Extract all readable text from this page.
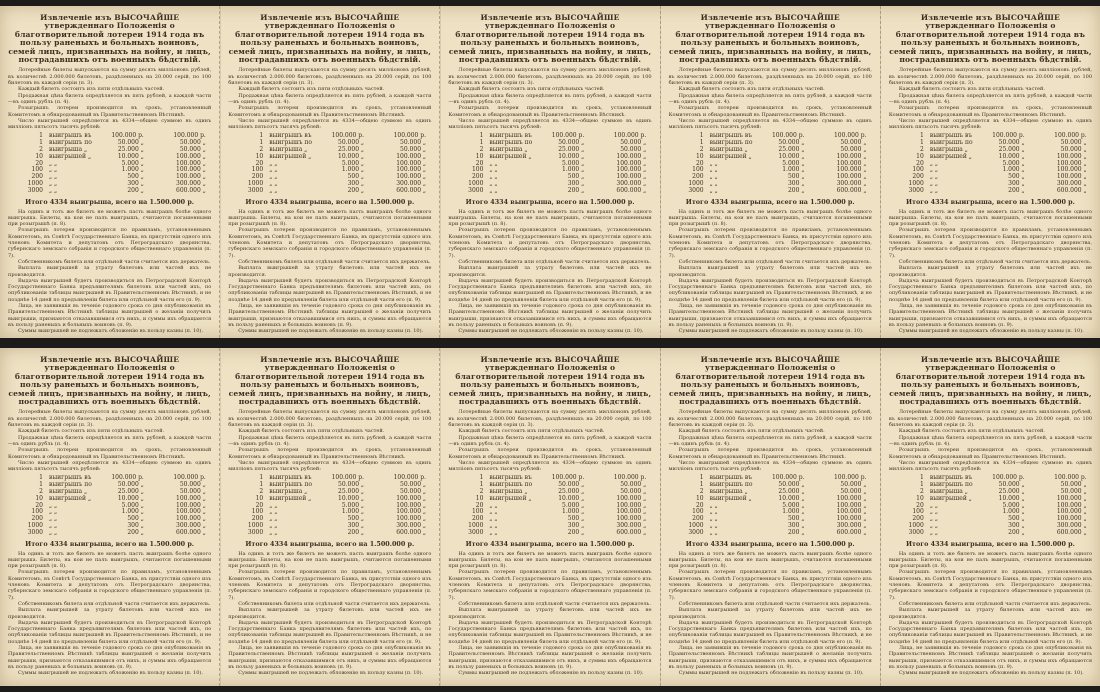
Извлеченіе изъ ВЫСОЧАЙШЕ утвержденнаго Положенія о благотворительной лотереи 1914 года въ пользу раненыхъ и больныхъ воиновъ, семей лицъ, призванныхъ на войну, и лицъ, пострадавшихъ отъ военныхъ бѣдствій.

Лотерейные билеты выпускаются на сумму десять милліоновъ рублей, въ количествѣ 2.000.000 билетовъ, раздѣленныхъ на 20.000 серій, по 100 билетовъ въ каждой серіи (п. 3).

Каждый билетъ состоитъ изъ пяти отдѣльныхъ частей.

Продажная цѣна билета опредѣляется въ пять рублей, а каждой части—въ одинъ рубль (п. 4).

Розыгрышъ лотереи производится въ срокъ, установленный Комитетомъ и обнародованный въ Правительственномъ Вѣстникѣ.

Число выигрышей опредѣляется въ 4334—общею суммою въ одинъ милліонъ пятьсотъ тысячъ рублей:

1	выигрышъ въ	100.000 р.	100.000 р.
1	выигрышъ по	50.000 „	50.000 „
2	выигрыша „	25.000 „	50.000 „
10	выигрышей „	10.000 „	100.000 „
20	„ „	5.000 „	100.000 „
100	„ „	1.000 „	100.000 „
200	„ „	500 „	100.000 „
1000	„ „	300 „	300.000 „
3000	„ „	200 „	600.000 „
Итого 4334 выигрыша, всего на 1.500.000 р.

На одинъ и тотъ же билетъ не можетъ пасть выиграшъ болѣе одного выигрыша. Билеты, на кои не палъ выигрышъ, считаются погашенными при розыгрышѣ (п. 8).

Розыгрышъ лотереи производится по правиламъ, установленнымъ Комитетомъ, въ Совѣтѣ Государственнаго Банка, въ присутствіи одного изъ членовъ Комитета и депутатовъ отъ Петроградскаго дворянства, губернскаго земскаго собранія и городского общественнаго управленія (п. 7).

Собственникомъ билета или отдѣльной части считается ихъ держатель.

Выплата выигрышей за утрату билетовъ или частей ихъ не производится.

Выдача выигрышей будетъ производиться въ Петроградской Конторѣ Государственнаго Банка предъявителямъ билетовъ или частей ихъ, по опубликованіи таблицы выигрышей въ Правительственномъ Вѣстникѣ, и не позднѣе 14 дней по предъявленіи билета или отдѣльной части его (п. 9).

Лица, не заявившія въ теченіе годового срока со дня опубликованія въ Правительственномъ Вѣстникѣ таблицы выигрышей о желаніи получить выигрыши, признаются отказавшимися отъ нихъ, и суммы ихъ обращаются въ пользу раненыхъ и больныхъ воиновъ (п. 9).

Суммы выигрышей не подлежатъ обложенію въ пользу казны (п. 10).

Извлеченіе изъ ВЫСОЧАЙШЕ утвержденнаго Положенія о благотворительной лотереи 1914 года въ пользу раненыхъ и больныхъ воиновъ, семей лицъ, призванныхъ на войну, и лицъ, пострадавшихъ отъ военныхъ бѣдствій.

Лотерейные билеты выпускаются на сумму десять милліоновъ рублей, въ количествѣ 2.000.000 билетовъ, раздѣленныхъ на 20.000 серій, по 100 билетовъ въ каждой серіи (п. 3).

Каждый билетъ состоитъ изъ пяти отдѣльныхъ частей.

Продажная цѣна билета опредѣляется въ пять рублей, а каждой части—въ одинъ рубль (п. 4).

Розыгрышъ лотереи производится въ срокъ, установленный Комитетомъ и обнародованный въ Правительственномъ Вѣстникѣ.

Число выигрышей опредѣляется въ 4334—общею суммою въ одинъ милліонъ пятьсотъ тысячъ рублей:

1	выигрышъ въ	100.000 р.	100.000 р.
1	выигрышъ по	50.000 „	50.000 „
2	выигрыша „	25.000 „	50.000 „
10	выигрышей „	10.000 „	100.000 „
20	„ „	5.000 „	100.000 „
100	„ „	1.000 „	100.000 „
200	„ „	500 „	100.000 „
1000	„ „	300 „	300.000 „
3000	„ „	200 „	600.000 „
Итого 4334 выигрыша, всего на 1.500.000 р.

На одинъ и тотъ же билетъ не можетъ пасть выиграшъ болѣе одного выигрыша. Билеты, на кои не палъ выигрышъ, считаются погашенными при розыгрышѣ (п. 8).

Розыгрышъ лотереи производится по правиламъ, установленнымъ Комитетомъ, въ Совѣтѣ Государственнаго Банка, въ присутствіи одного изъ членовъ Комитета и депутатовъ отъ Петроградскаго дворянства, губернскаго земскаго собранія и городского общественнаго управленія (п. 7).

Собственникомъ билета или отдѣльной части считается ихъ держатель.

Выплата выигрышей за утрату билетовъ или частей ихъ не производится.

Выдача выигрышей будетъ производиться въ Петроградской Конторѣ Государственнаго Банка предъявителямъ билетовъ или частей ихъ, по опубликованіи таблицы выигрышей въ Правительственномъ Вѣстникѣ, и не позднѣе 14 дней по предъявленіи билета или отдѣльной части его (п. 9).

Лица, не заявившія въ теченіе годового срока со дня опубликованія въ Правительственномъ Вѣстникѣ таблицы выигрышей о желаніи получить выигрыши, признаются отказавшимися отъ нихъ, и суммы ихъ обращаются въ пользу раненыхъ и больныхъ воиновъ (п. 9).

Суммы выигрышей не подлежатъ обложенію въ пользу казны (п. 10).

Извлеченіе изъ ВЫСОЧАЙШЕ утвержденнаго Положенія о благотворительной лотереи 1914 года въ пользу раненыхъ и больныхъ воиновъ, семей лицъ, призванныхъ на войну, и лицъ, пострадавшихъ отъ военныхъ бѣдствій.

Лотерейные билеты выпускаются на сумму десять милліоновъ рублей, въ количествѣ 2.000.000 билетовъ, раздѣленныхъ на 20.000 серій, по 100 билетовъ въ каждой серіи (п. 3).

Каждый билетъ состоитъ изъ пяти отдѣльныхъ частей.

Продажная цѣна билета опредѣляется въ пять рублей, а каждой части—въ одинъ рубль (п. 4).

Розыгрышъ лотереи производится въ срокъ, установленный Комитетомъ и обнародованный въ Правительственномъ Вѣстникѣ.

Число выигрышей опредѣляется въ 4334—общею суммою въ одинъ милліонъ пятьсотъ тысячъ рублей:

1	выигрышъ въ	100.000 р.	100.000 р.
1	выигрышъ по	50.000 „	50.000 „
2	выигрыша „	25.000 „	50.000 „
10	выигрышей „	10.000 „	100.000 „
20	„ „	5.000 „	100.000 „
100	„ „	1.000 „	100.000 „
200	„ „	500 „	100.000 „
1000	„ „	300 „	300.000 „
3000	„ „	200 „	600.000 „
Итого 4334 выигрыша, всего на 1.500.000 р.

На одинъ и тотъ же билетъ не можетъ пасть выиграшъ болѣе одного выигрыша. Билеты, на кои не палъ выигрышъ, считаются погашенными при розыгрышѣ (п. 8).

Розыгрышъ лотереи производится по правиламъ, установленнымъ Комитетомъ, въ Совѣтѣ Государственнаго Банка, въ присутствіи одного изъ членовъ Комитета и депутатовъ отъ Петроградскаго дворянства, губернскаго земскаго собранія и городского общественнаго управленія (п. 7).

Собственникомъ билета или отдѣльной части считается ихъ держатель.

Выплата выигрышей за утрату билетовъ или частей ихъ не производится.

Выдача выигрышей будетъ производиться въ Петроградской Конторѣ Государственнаго Банка предъявителямъ билетовъ или частей ихъ, по опубликованіи таблицы выигрышей въ Правительственномъ Вѣстникѣ, и не позднѣе 14 дней по предъявленіи билета или отдѣльной части его (п. 9).

Лица, не заявившія въ теченіе годового срока со дня опубликованія въ Правительственномъ Вѣстникѣ таблицы выигрышей о желаніи получить выигрыши, признаются отказавшимися отъ нихъ, и суммы ихъ обращаются въ пользу раненыхъ и больныхъ воиновъ (п. 9).

Суммы выигрышей не подлежатъ обложенію въ пользу казны (п. 10).

Извлеченіе изъ ВЫСОЧАЙШЕ утвержденнаго Положенія о благотворительной лотереи 1914 года въ пользу раненыхъ и больныхъ воиновъ, семей лицъ, призванныхъ на войну, и лицъ, пострадавшихъ отъ военныхъ бѣдствій.

Лотерейные билеты выпускаются на сумму десять милліоновъ рублей, въ количествѣ 2.000.000 билетовъ, раздѣленныхъ на 20.000 серій, по 100 билетовъ въ каждой серіи (п. 3).

Каждый билетъ состоитъ изъ пяти отдѣльныхъ частей.

Продажная цѣна билета опредѣляется въ пять рублей, а каждой части—въ одинъ рубль (п. 4).

Розыгрышъ лотереи производится въ срокъ, установленный Комитетомъ и обнародованный въ Правительственномъ Вѣстникѣ.

Число выигрышей опредѣляется въ 4334—общею суммою въ одинъ милліонъ пятьсотъ тысячъ рублей:

1	выигрышъ въ	100.000 р.	100.000 р.
1	выигрышъ по	50.000 „	50.000 „
2	выигрыша „	25.000 „	50.000 „
10	выигрышей „	10.000 „	100.000 „
20	„ „	5.000 „	100.000 „
100	„ „	1.000 „	100.000 „
200	„ „	500 „	100.000 „
1000	„ „	300 „	300.000 „
3000	„ „	200 „	600.000 „
Итого 4334 выигрыша, всего на 1.500.000 р.

На одинъ и тотъ же билетъ не можетъ пасть выиграшъ болѣе одного выигрыша. Билеты, на кои не палъ выигрышъ, считаются погашенными при розыгрышѣ (п. 8).

Розыгрышъ лотереи производится по правиламъ, установленнымъ Комитетомъ, въ Совѣтѣ Государственнаго Банка, въ присутствіи одного изъ членовъ Комитета и депутатовъ отъ Петроградскаго дворянства, губернскаго земскаго собранія и городского общественнаго управленія (п. 7).

Собственникомъ билета или отдѣльной части считается ихъ держатель.

Выплата выигрышей за утрату билетовъ или частей ихъ не производится.

Выдача выигрышей будетъ производиться въ Петроградской Конторѣ Государственнаго Банка предъявителямъ билетовъ или частей ихъ, по опубликованіи таблицы выигрышей въ Правительственномъ Вѣстникѣ, и не позднѣе 14 дней по предъявленіи билета или отдѣльной части его (п. 9).

Лица, не заявившія въ теченіе годового срока со дня опубликованія въ Правительственномъ Вѣстникѣ таблицы выигрышей о желаніи получить выигрыши, признаются отказавшимися отъ нихъ, и суммы ихъ обращаются въ пользу раненыхъ и больныхъ воиновъ (п. 9).

Суммы выигрышей не подлежатъ обложенію въ пользу казны (п. 10).

Извлеченіе изъ ВЫСОЧАЙШЕ утвержденнаго Положенія о благотворительной лотереи 1914 года въ пользу раненыхъ и больныхъ воиновъ, семей лицъ, призванныхъ на войну, и лицъ, пострадавшихъ отъ военныхъ бѣдствій.

Лотерейные билеты выпускаются на сумму десять милліоновъ рублей, въ количествѣ 2.000.000 билетовъ, раздѣленныхъ на 20.000 серій, по 100 билетовъ въ каждой серіи (п. 3).

Каждый билетъ состоитъ изъ пяти отдѣльныхъ частей.

Продажная цѣна билета опредѣляется въ пять рублей, а каждой части—въ одинъ рубль (п. 4).

Розыгрышъ лотереи производится въ срокъ, установленный Комитетомъ и обнародованный въ Правительственномъ Вѣстникѣ.

Число выигрышей опредѣляется въ 4334—общею суммою въ одинъ милліонъ пятьсотъ тысячъ рублей:

1	выигрышъ въ	100.000 р.	100.000 р.
1	выигрышъ по	50.000 „	50.000 „
2	выигрыша „	25.000 „	50.000 „
10	выигрышей „	10.000 „	100.000 „
20	„ „	5.000 „	100.000 „
100	„ „	1.000 „	100.000 „
200	„ „	500 „	100.000 „
1000	„ „	300 „	300.000 „
3000	„ „	200 „	600.000 „
Итого 4334 выигрыша, всего на 1.500.000 р.

На одинъ и тотъ же билетъ не можетъ пасть выиграшъ болѣе одного выигрыша. Билеты, на кои не палъ выигрышъ, считаются погашенными при розыгрышѣ (п. 8).

Розыгрышъ лотереи производится по правиламъ, установленнымъ Комитетомъ, въ Совѣтѣ Государственнаго Банка, въ присутствіи одного изъ членовъ Комитета и депутатовъ отъ Петроградскаго дворянства, губернскаго земскаго собранія и городского общественнаго управленія (п. 7).

Собственникомъ билета или отдѣльной части считается ихъ держатель.

Выплата выигрышей за утрату билетовъ или частей ихъ не производится.

Выдача выигрышей будетъ производиться въ Петроградской Конторѣ Государственнаго Банка предъявителямъ билетовъ или частей ихъ, по опубликованіи таблицы выигрышей въ Правительственномъ Вѣстникѣ, и не позднѣе 14 дней по предъявленіи билета или отдѣльной части его (п. 9).

Лица, не заявившія въ теченіе годового срока со дня опубликованія въ Правительственномъ Вѣстникѣ таблицы выигрышей о желаніи получить выигрыши, признаются отказавшимися отъ нихъ, и суммы ихъ обращаются въ пользу раненыхъ и больныхъ воиновъ (п. 9).

Суммы выигрышей не подлежатъ обложенію въ пользу казны (п. 10).

Извлеченіе изъ ВЫСОЧАЙШЕ утвержденнаго Положенія о благотворительной лотереи 1914 года въ пользу раненыхъ и больныхъ воиновъ, семей лицъ, призванныхъ на войну, и лицъ, пострадавшихъ отъ военныхъ бѣдствій.

Лотерейные билеты выпускаются на сумму десять милліоновъ рублей, въ количествѣ 2.000.000 билетовъ, раздѣленныхъ на 20.000 серій, по 100 билетовъ въ каждой серіи (п. 3).

Каждый билетъ состоитъ изъ пяти отдѣльныхъ частей.

Продажная цѣна билета опредѣляется въ пять рублей, а каждой части—въ одинъ рубль (п. 4).

Розыгрышъ лотереи производится въ срокъ, установленный Комитетомъ и обнародованный въ Правительственномъ Вѣстникѣ.

Число выигрышей опредѣляется въ 4334—общею суммою въ одинъ милліонъ пятьсотъ тысячъ рублей:

1	выигрышъ въ	100.000 р.	100.000 р.
1	выигрышъ по	50.000 „	50.000 „
2	выигрыша „	25.000 „	50.000 „
10	выигрышей „	10.000 „	100.000 „
20	„ „	5.000 „	100.000 „
100	„ „	1.000 „	100.000 „
200	„ „	500 „	100.000 „
1000	„ „	300 „	300.000 „
3000	„ „	200 „	600.000 „
Итого 4334 выигрыша, всего на 1.500.000 р.

На одинъ и тотъ же билетъ не можетъ пасть выиграшъ болѣе одного выигрыша. Билеты, на кои не палъ выигрышъ, считаются погашенными при розыгрышѣ (п. 8).

Розыгрышъ лотереи производится по правиламъ, установленнымъ Комитетомъ, въ Совѣтѣ Государственнаго Банка, въ присутствіи одного изъ членовъ Комитета и депутатовъ отъ Петроградскаго дворянства, губернскаго земскаго собранія и городского общественнаго управленія (п. 7).

Собственникомъ билета или отдѣльной части считается ихъ держатель.

Выплата выигрышей за утрату билетовъ или частей ихъ не производится.

Выдача выигрышей будетъ производиться въ Петроградской Конторѣ Государственнаго Банка предъявителямъ билетовъ или частей ихъ, по опубликованіи таблицы выигрышей въ Правительственномъ Вѣстникѣ, и не позднѣе 14 дней по предъявленіи билета или отдѣльной части его (п. 9).

Лица, не заявившія въ теченіе годового срока со дня опубликованія въ Правительственномъ Вѣстникѣ таблицы выигрышей о желаніи получить выигрыши, признаются отказавшимися отъ нихъ, и суммы ихъ обращаются въ пользу раненыхъ и больныхъ воиновъ (п. 9).

Суммы выигрышей не подлежатъ обложенію въ пользу казны (п. 10).

Извлеченіе изъ ВЫСОЧАЙШЕ утвержденнаго Положенія о благотворительной лотереи 1914 года въ пользу раненыхъ и больныхъ воиновъ, семей лицъ, призванныхъ на войну, и лицъ, пострадавшихъ отъ военныхъ бѣдствій.

Лотерейные билеты выпускаются на сумму десять милліоновъ рублей, въ количествѣ 2.000.000 билетовъ, раздѣленныхъ на 20.000 серій, по 100 билетовъ въ каждой серіи (п. 3).

Каждый билетъ состоитъ изъ пяти отдѣльныхъ частей.

Продажная цѣна билета опредѣляется въ пять рублей, а каждой части—въ одинъ рубль (п. 4).

Розыгрышъ лотереи производится въ срокъ, установленный Комитетомъ и обнародованный въ Правительственномъ Вѣстникѣ.

Число выигрышей опредѣляется въ 4334—общею суммою въ одинъ милліонъ пятьсотъ тысячъ рублей:

1	выигрышъ въ	100.000 р.	100.000 р.
1	выигрышъ по	50.000 „	50.000 „
2	выигрыша „	25.000 „	50.000 „
10	выигрышей „	10.000 „	100.000 „
20	„ „	5.000 „	100.000 „
100	„ „	1.000 „	100.000 „
200	„ „	500 „	100.000 „
1000	„ „	300 „	300.000 „
3000	„ „	200 „	600.000 „
Итого 4334 выигрыша, всего на 1.500.000 р.

На одинъ и тотъ же билетъ не можетъ пасть выиграшъ болѣе одного выигрыша. Билеты, на кои не палъ выигрышъ, считаются погашенными при розыгрышѣ (п. 8).

Розыгрышъ лотереи производится по правиламъ, установленнымъ Комитетомъ, въ Совѣтѣ Государственнаго Банка, въ присутствіи одного изъ членовъ Комитета и депутатовъ отъ Петроградскаго дворянства, губернскаго земскаго собранія и городского общественнаго управленія (п. 7).

Собственникомъ билета или отдѣльной части считается ихъ держатель.

Выплата выигрышей за утрату билетовъ или частей ихъ не производится.

Выдача выигрышей будетъ производиться въ Петроградской Конторѣ Государственнаго Банка предъявителямъ билетовъ или частей ихъ, по опубликованіи таблицы выигрышей въ Правительственномъ Вѣстникѣ, и не позднѣе 14 дней по предъявленіи билета или отдѣльной части его (п. 9).

Лица, не заявившія въ теченіе годового срока со дня опубликованія въ Правительственномъ Вѣстникѣ таблицы выигрышей о желаніи получить выигрыши, признаются отказавшимися отъ нихъ, и суммы ихъ обращаются въ пользу раненыхъ и больныхъ воиновъ (п. 9).

Суммы выигрышей не подлежатъ обложенію въ пользу казны (п. 10).

Извлеченіе изъ ВЫСОЧАЙШЕ утвержденнаго Положенія о благотворительной лотереи 1914 года въ пользу раненыхъ и больныхъ воиновъ, семей лицъ, призванныхъ на войну, и лицъ, пострадавшихъ отъ военныхъ бѣдствій.

Лотерейные билеты выпускаются на сумму десять милліоновъ рублей, въ количествѣ 2.000.000 билетовъ, раздѣленныхъ на 20.000 серій, по 100 билетовъ въ каждой серіи (п. 3).

Каждый билетъ состоитъ изъ пяти отдѣльныхъ частей.

Продажная цѣна билета опредѣляется въ пять рублей, а каждой части—въ одинъ рубль (п. 4).

Розыгрышъ лотереи производится въ срокъ, установленный Комитетомъ и обнародованный въ Правительственномъ Вѣстникѣ.

Число выигрышей опредѣляется въ 4334—общею суммою въ одинъ милліонъ пятьсотъ тысячъ рублей:

1	выигрышъ въ	100.000 р.	100.000 р.
1	выигрышъ по	50.000 „	50.000 „
2	выигрыша „	25.000 „	50.000 „
10	выигрышей „	10.000 „	100.000 „
20	„ „	5.000 „	100.000 „
100	„ „	1.000 „	100.000 „
200	„ „	500 „	100.000 „
1000	„ „	300 „	300.000 „
3000	„ „	200 „	600.000 „
Итого 4334 выигрыша, всего на 1.500.000 р.

На одинъ и тотъ же билетъ не можетъ пасть выиграшъ болѣе одного выигрыша. Билеты, на кои не палъ выигрышъ, считаются погашенными при розыгрышѣ (п. 8).

Розыгрышъ лотереи производится по правиламъ, установленнымъ Комитетомъ, въ Совѣтѣ Государственнаго Банка, въ присутствіи одного изъ членовъ Комитета и депутатовъ отъ Петроградскаго дворянства, губернскаго земскаго собранія и городского общественнаго управленія (п. 7).

Собственникомъ билета или отдѣльной части считается ихъ держатель.

Выплата выигрышей за утрату билетовъ или частей ихъ не производится.

Выдача выигрышей будетъ производиться въ Петроградской Конторѣ Государственнаго Банка предъявителямъ билетовъ или частей ихъ, по опубликованіи таблицы выигрышей въ Правительственномъ Вѣстникѣ, и не позднѣе 14 дней по предъявленіи билета или отдѣльной части его (п. 9).

Лица, не заявившія въ теченіе годового срока со дня опубликованія въ Правительственномъ Вѣстникѣ таблицы выигрышей о желаніи получить выигрыши, признаются отказавшимися отъ нихъ, и суммы ихъ обращаются въ пользу раненыхъ и больныхъ воиновъ (п. 9).

Суммы выигрышей не подлежатъ обложенію въ пользу казны (п. 10).

Извлеченіе изъ ВЫСОЧАЙШЕ утвержденнаго Положенія о благотворительной лотереи 1914 года въ пользу раненыхъ и больныхъ воиновъ, семей лицъ, призванныхъ на войну, и лицъ, пострадавшихъ отъ военныхъ бѣдствій.

Лотерейные билеты выпускаются на сумму десять милліоновъ рублей, въ количествѣ 2.000.000 билетовъ, раздѣленныхъ на 20.000 серій, по 100 билетовъ въ каждой серіи (п. 3).

Каждый билетъ состоитъ изъ пяти отдѣльныхъ частей.

Продажная цѣна билета опредѣляется въ пять рублей, а каждой части—въ одинъ рубль (п. 4).

Розыгрышъ лотереи производится въ срокъ, установленный Комитетомъ и обнародованный въ Правительственномъ Вѣстникѣ.

Число выигрышей опредѣляется въ 4334—общею суммою въ одинъ милліонъ пятьсотъ тысячъ рублей:

1	выигрышъ въ	100.000 р.	100.000 р.
1	выигрышъ по	50.000 „	50.000 „
2	выигрыша „	25.000 „	50.000 „
10	выигрышей „	10.000 „	100.000 „
20	„ „	5.000 „	100.000 „
100	„ „	1.000 „	100.000 „
200	„ „	500 „	100.000 „
1000	„ „	300 „	300.000 „
3000	„ „	200 „	600.000 „
Итого 4334 выигрыша, всего на 1.500.000 р.

На одинъ и тотъ же билетъ не можетъ пасть выиграшъ болѣе одного выигрыша. Билеты, на кои не палъ выигрышъ, считаются погашенными при розыгрышѣ (п. 8).

Розыгрышъ лотереи производится по правиламъ, установленнымъ Комитетомъ, въ Совѣтѣ Государственнаго Банка, въ присутствіи одного изъ членовъ Комитета и депутатовъ отъ Петроградскаго дворянства, губернскаго земскаго собранія и городского общественнаго управленія (п. 7).

Собственникомъ билета или отдѣльной части считается ихъ держатель.

Выплата выигрышей за утрату билетовъ или частей ихъ не производится.

Выдача выигрышей будетъ производиться въ Петроградской Конторѣ Государственнаго Банка предъявителямъ билетовъ или частей ихъ, по опубликованіи таблицы выигрышей въ Правительственномъ Вѣстникѣ, и не позднѣе 14 дней по предъявленіи билета или отдѣльной части его (п. 9).

Лица, не заявившія въ теченіе годового срока со дня опубликованія въ Правительственномъ Вѣстникѣ таблицы выигрышей о желаніи получить выигрыши, признаются отказавшимися отъ нихъ, и суммы ихъ обращаются въ пользу раненыхъ и больныхъ воиновъ (п. 9).

Суммы выигрышей не подлежатъ обложенію въ пользу казны (п. 10).

Извлеченіе изъ ВЫСОЧАЙШЕ утвержденнаго Положенія о благотворительной лотереи 1914 года въ пользу раненыхъ и больныхъ воиновъ, семей лицъ, призванныхъ на войну, и лицъ, пострадавшихъ отъ военныхъ бѣдствій.

Лотерейные билеты выпускаются на сумму десять милліоновъ рублей, въ количествѣ 2.000.000 билетовъ, раздѣленныхъ на 20.000 серій, по 100 билетовъ въ каждой серіи (п. 3).

Каждый билетъ состоитъ изъ пяти отдѣльныхъ частей.

Продажная цѣна билета опредѣляется въ пять рублей, а каждой части—въ одинъ рубль (п. 4).

Розыгрышъ лотереи производится въ срокъ, установленный Комитетомъ и обнародованный въ Правительственномъ Вѣстникѣ.

Число выигрышей опредѣляется въ 4334—общею суммою въ одинъ милліонъ пятьсотъ тысячъ рублей:

1	выигрышъ въ	100.000 р.	100.000 р.
1	выигрышъ по	50.000 „	50.000 „
2	выигрыша „	25.000 „	50.000 „
10	выигрышей „	10.000 „	100.000 „
20	„ „	5.000 „	100.000 „
100	„ „	1.000 „	100.000 „
200	„ „	500 „	100.000 „
1000	„ „	300 „	300.000 „
3000	„ „	200 „	600.000 „
Итого 4334 выигрыша, всего на 1.500.000 р.

На одинъ и тотъ же билетъ не можетъ пасть выиграшъ болѣе одного выигрыша. Билеты, на кои не палъ выигрышъ, считаются погашенными при розыгрышѣ (п. 8).

Розыгрышъ лотереи производится по правиламъ, установленнымъ Комитетомъ, въ Совѣтѣ Государственнаго Банка, въ присутствіи одного изъ членовъ Комитета и депутатовъ отъ Петроградскаго дворянства, губернскаго земскаго собранія и городского общественнаго управленія (п. 7).

Собственникомъ билета или отдѣльной части считается ихъ держатель.

Выплата выигрышей за утрату билетовъ или частей ихъ не производится.

Выдача выигрышей будетъ производиться въ Петроградской Конторѣ Государственнаго Банка предъявителямъ билетовъ или частей ихъ, по опубликованіи таблицы выигрышей въ Правительственномъ Вѣстникѣ, и не позднѣе 14 дней по предъявленіи билета или отдѣльной части его (п. 9).

Лица, не заявившія въ теченіе годового срока со дня опубликованія въ Правительственномъ Вѣстникѣ таблицы выигрышей о желаніи получить выигрыши, признаются отказавшимися отъ нихъ, и суммы ихъ обращаются въ пользу раненыхъ и больныхъ воиновъ (п. 9).

Суммы выигрышей не подлежатъ обложенію въ пользу казны (п. 10).
